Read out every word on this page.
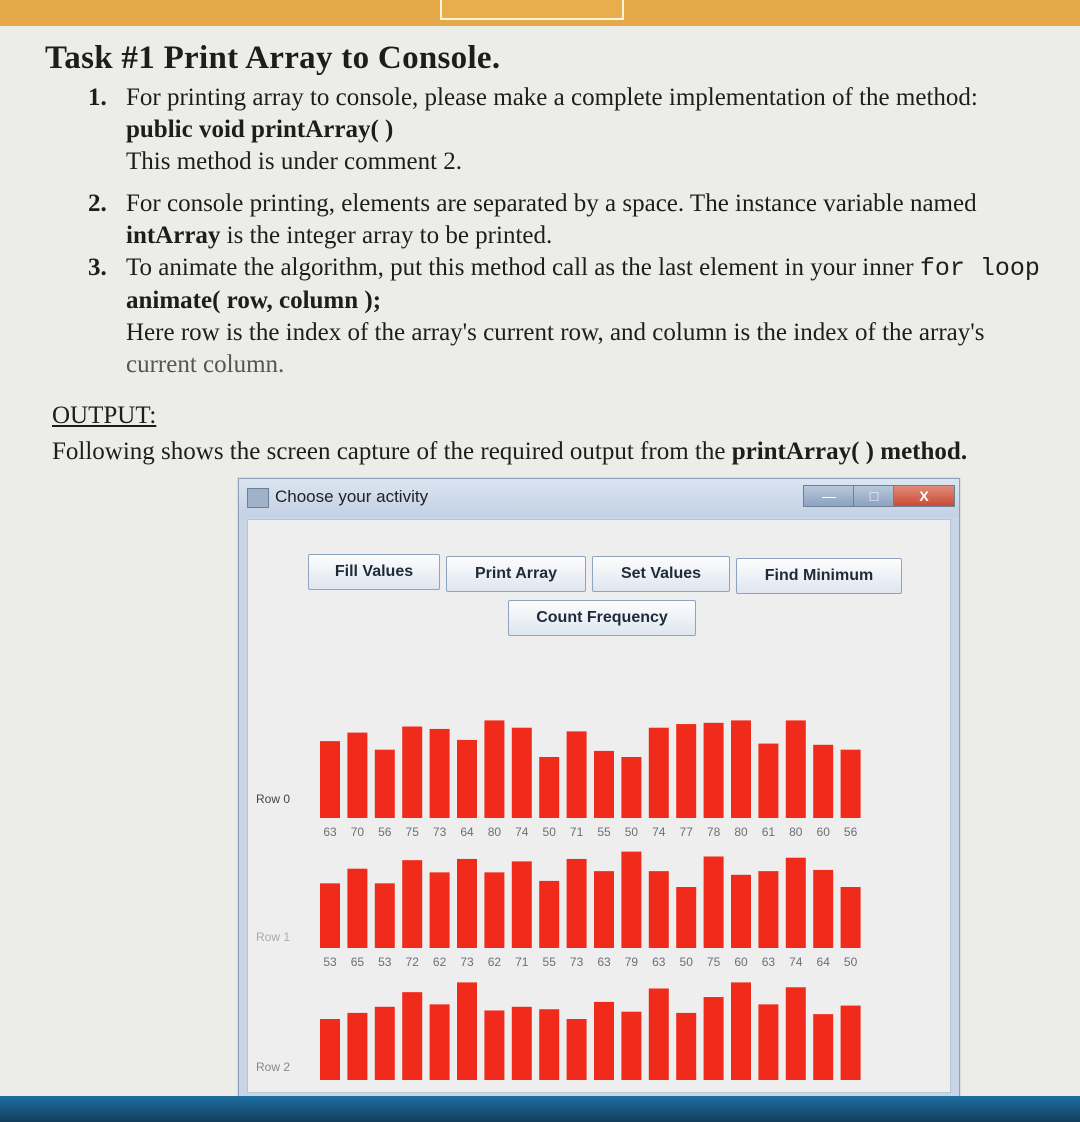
Task #1 Print Array to Console.
1. For printing array to console, please make a complete implementation of the method:
public void printArray( )
This method is under comment 2.
2. For console printing, elements are separated by a space. The instance variable named
intArray is the integer array to be printed.
3. To animate the algorithm, put this method call as the last element in your inner for loop
animate( row, column );
Here row is the index of the array's current row, and column is the index of the array's
current column.
OUTPUT:
Following shows the screen capture of the required output from the printArray( ) method.
Choose your activity	—	□	X
Fill Values	Print Array	Set Values	Find Minimum
Count Frequency
Row 0
Row 1
Row 2
63 70 56 75 73 64 80 74 50 71 55 50 74 77 78 80 61 80 60 56
53 65 53 72 62 73 62 71 55 73 63 79 63 50 75 60 63 74 64 50
